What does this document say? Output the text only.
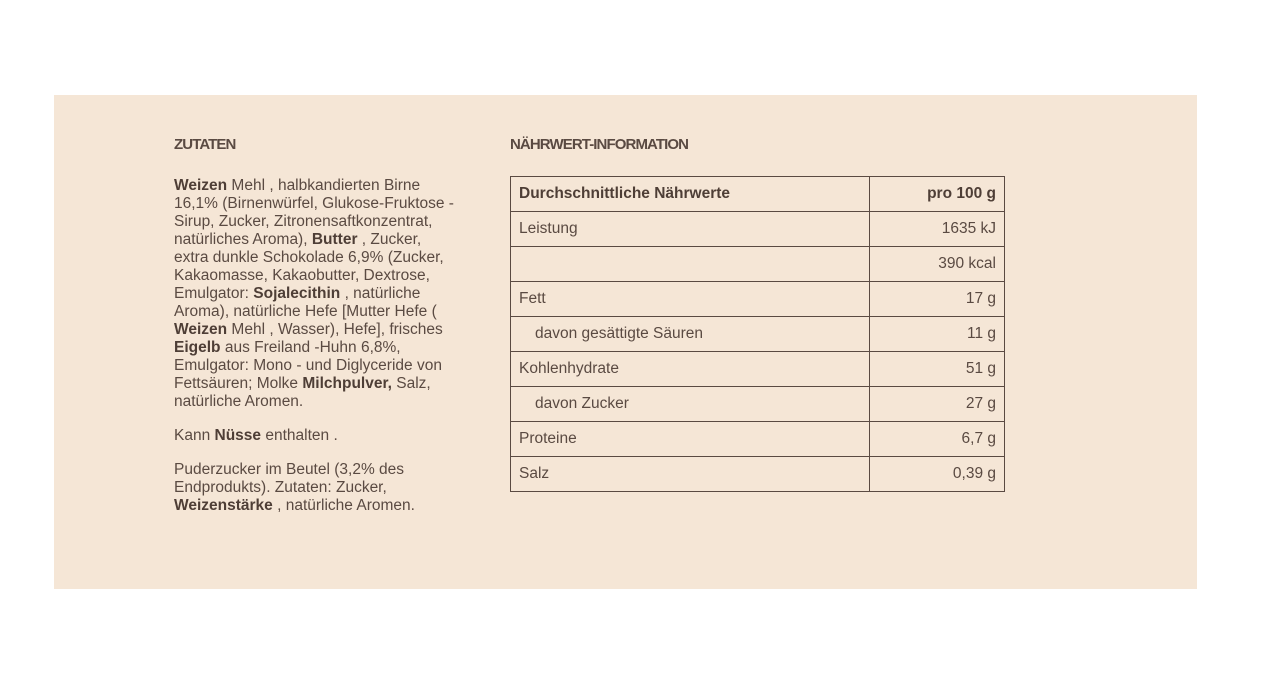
ZUTATEN

Weizen Mehl , halbkandierten Birne 16,1% (Birnenwürfel, Glukose-Fruktose - Sirup, Zucker, Zitronensaftkonzentrat, natürliches Aroma), Butter , Zucker, extra dunkle Schokolade 6,9% (Zucker, Kakaomasse, Kakaobutter, Dextrose, Emulgator: Sojalecithin , natürliche Aroma), natürliche Hefe [Mutter Hefe ( Weizen Mehl , Wasser), Hefe], frisches Eigelb aus Freiland -Huhn 6,8%, Emulgator: Mono - und Diglyceride von Fettsäuren; Molke Milchpulver, Salz, natürliche Aromen.

Kann Nüsse enthalten .

Puderzucker im Beutel (3,2% des Endprodukts). Zutaten: Zucker, Weizenstärke , natürliche Aromen.

NÄHRWERT-INFORMATION
Durchschnittliche Nährwerte	pro 100 g
Leistung	1635 kJ
	390 kcal
Fett	17 g
davon gesättigte Säuren	11 g
Kohlenhydrate	51 g
davon Zucker	27 g
Proteine	6,7 g
Salz	0,39 g
